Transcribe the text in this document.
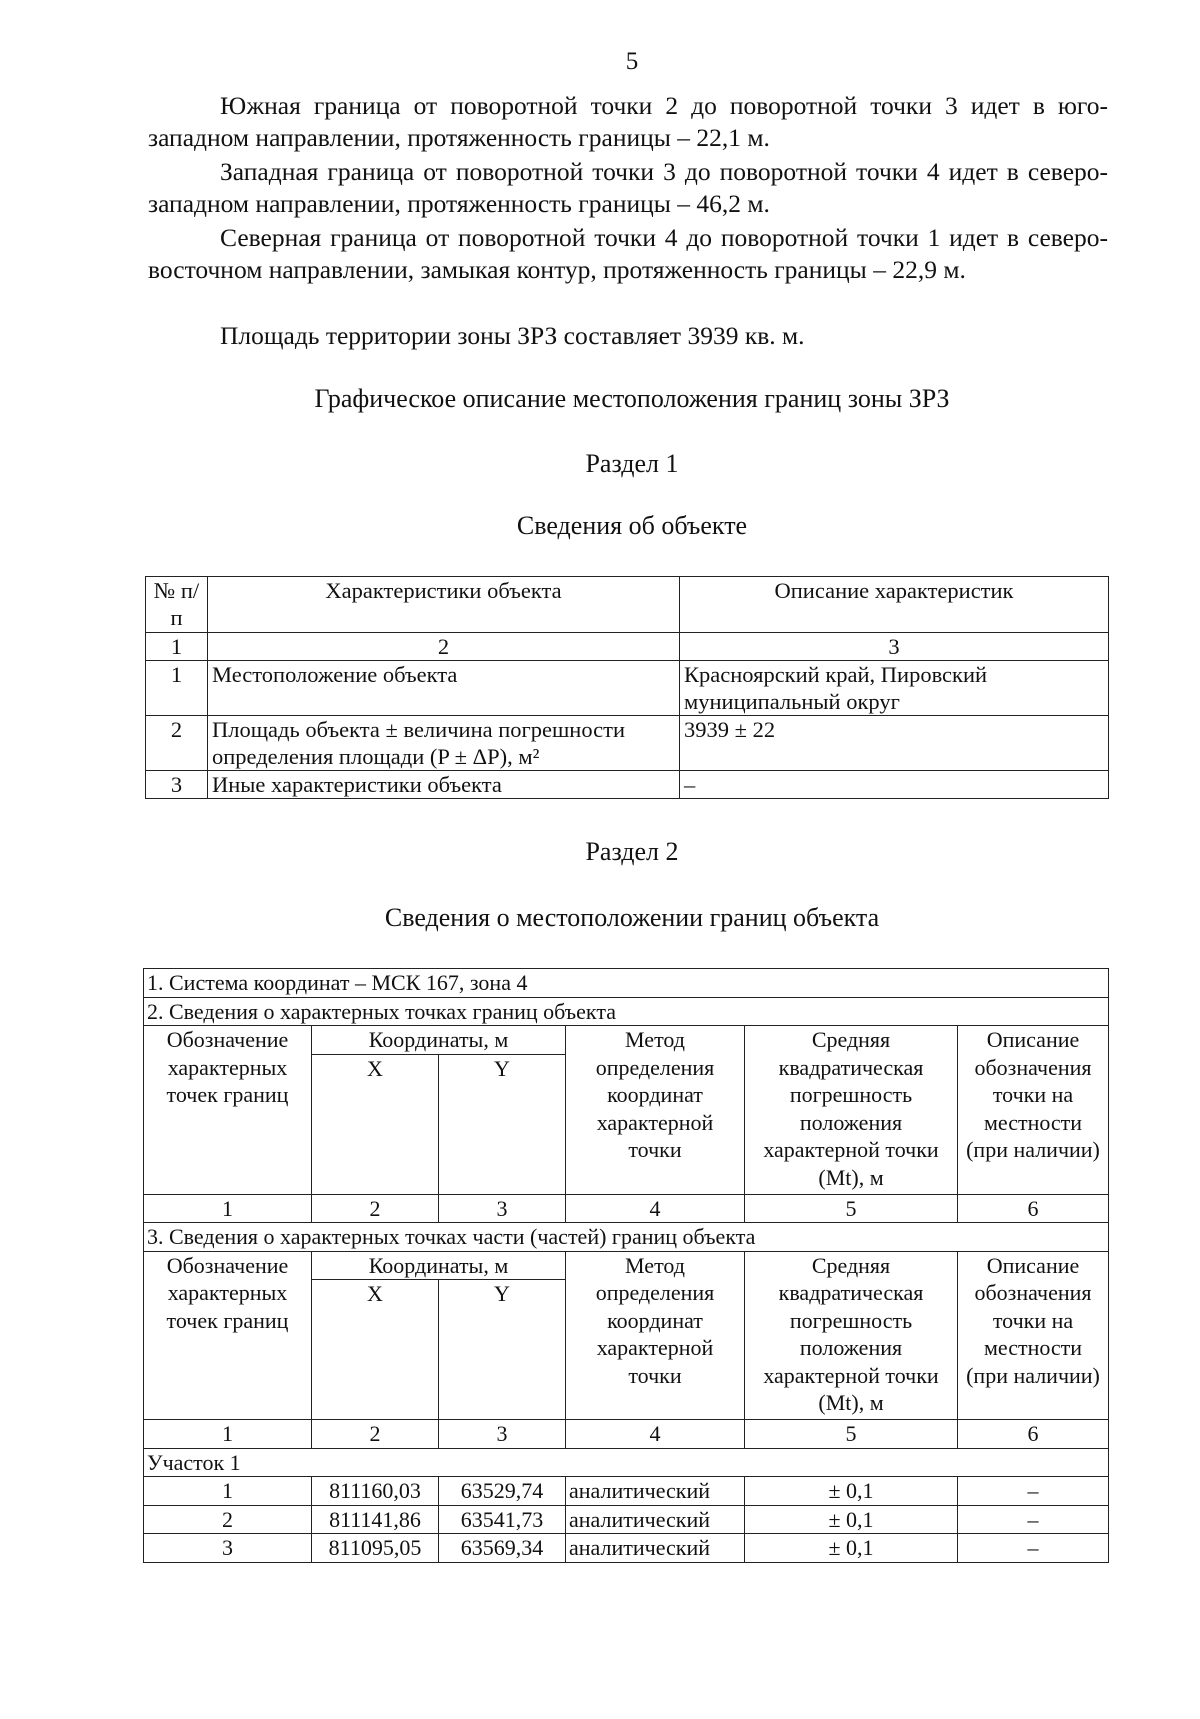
5

Южная граница от поворотной точки 2 до поворотной точки 3 идет в юго-западном направлении, протяженность границы – 22,1 м.

Западная граница от поворотной точки 3 до поворотной точки 4 идет в северо-западном направлении, протяженность границы – 46,2 м.

Северная граница от поворотной точки 4 до поворотной точки 1 идет в северо-восточном направлении, замыкая контур, протяженность границы – 22,9 м.

Площадь территории зоны ЗРЗ составляет 3939 кв. м.

Графическое описание местоположения границ зоны ЗРЗ
Раздел 1
Сведения об объекте
№ п/п	Характеристики объекта	Описание характеристик
1	2	3
1	Местоположение объекта	Красноярский край, Пировский муниципальный округ
2	Площадь объекта ± величина погрешности определения площади (P ± ΔP), м²	3939 ± 22
3	Иные характеристики объекта	–
Раздел 2
Сведения о местоположении границ объекта
1. Система координат – МСК 167, зона 4					
2. Сведения о характерных точках границ объекта					
Обозначение характерных точек границ	Координаты, м		Метод определения координат характерной точки	Средняя квадратическая погрешность положения характерной точки (Mt), м	Описание обозначения точки на местности (при наличии)
	X	Y			
1	2	3	4	5	6
3. Сведения о характерных точках части (частей) границ объекта					
Обозначение характерных точек границ	Координаты, м		Метод определения координат характерной точки	Средняя квадратическая погрешность положения характерной точки (Mt), м	Описание обозначения точки на местности (при наличии)
	X	Y			
1	2	3	4	5	6
Участок 1					
1	811160,03	63529,74	аналитический	± 0,1	–
2	811141,86	63541,73	аналитический	± 0,1	–
3	811095,05	63569,34	аналитический	± 0,1	–
